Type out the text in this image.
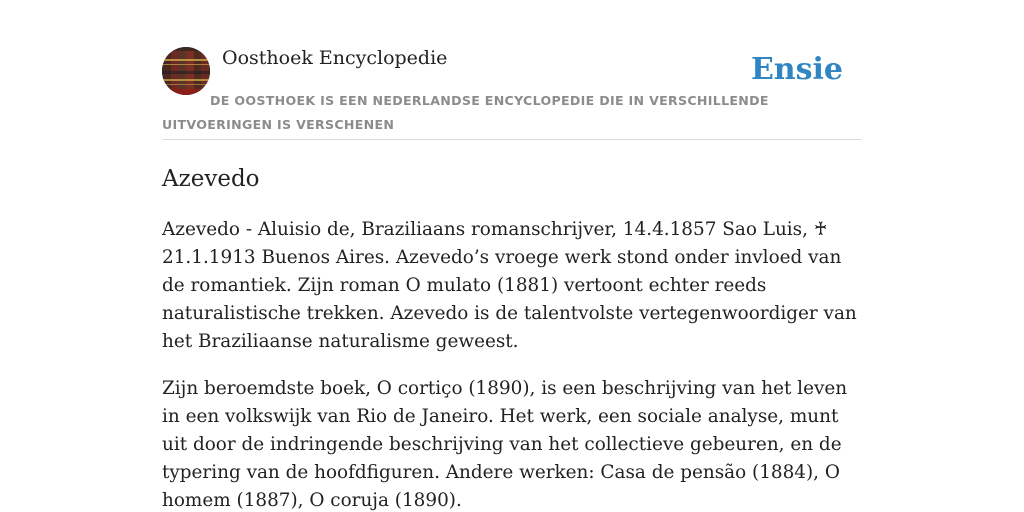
Oosthoek Encyclopedie	Ensie
DE OOSTHOEK IS EEN NEDERLANDSE ENCYCLOPEDIE DIE IN VERSCHILLENDE UITVOERINGEN IS VERSCHENEN
Azevedo

Azevedo - Aluisio de, Braziliaans romanschrijver, 14.4.1857 Sao Luis, ♰ 21.1.1913 Buenos Aires. Azevedo’s vroege werk stond onder invloed van de romantiek. Zijn roman O mulato (1881) vertoont echter reeds naturalistische trekken. Azevedo is de talentvolste vertegenwoordiger van het Braziliaanse naturalisme geweest.

Zijn beroemdste boek, O cortiço (1890), is een beschrijving van het leven in een volkswijk van Rio de Janeiro. Het werk, een sociale analyse, munt uit door de indringende beschrijving van het collectieve gebeuren, en de typering van de hoofdfiguren. Andere werken: Casa de pensão (1884), O homem (1887), O coruja (1890).
